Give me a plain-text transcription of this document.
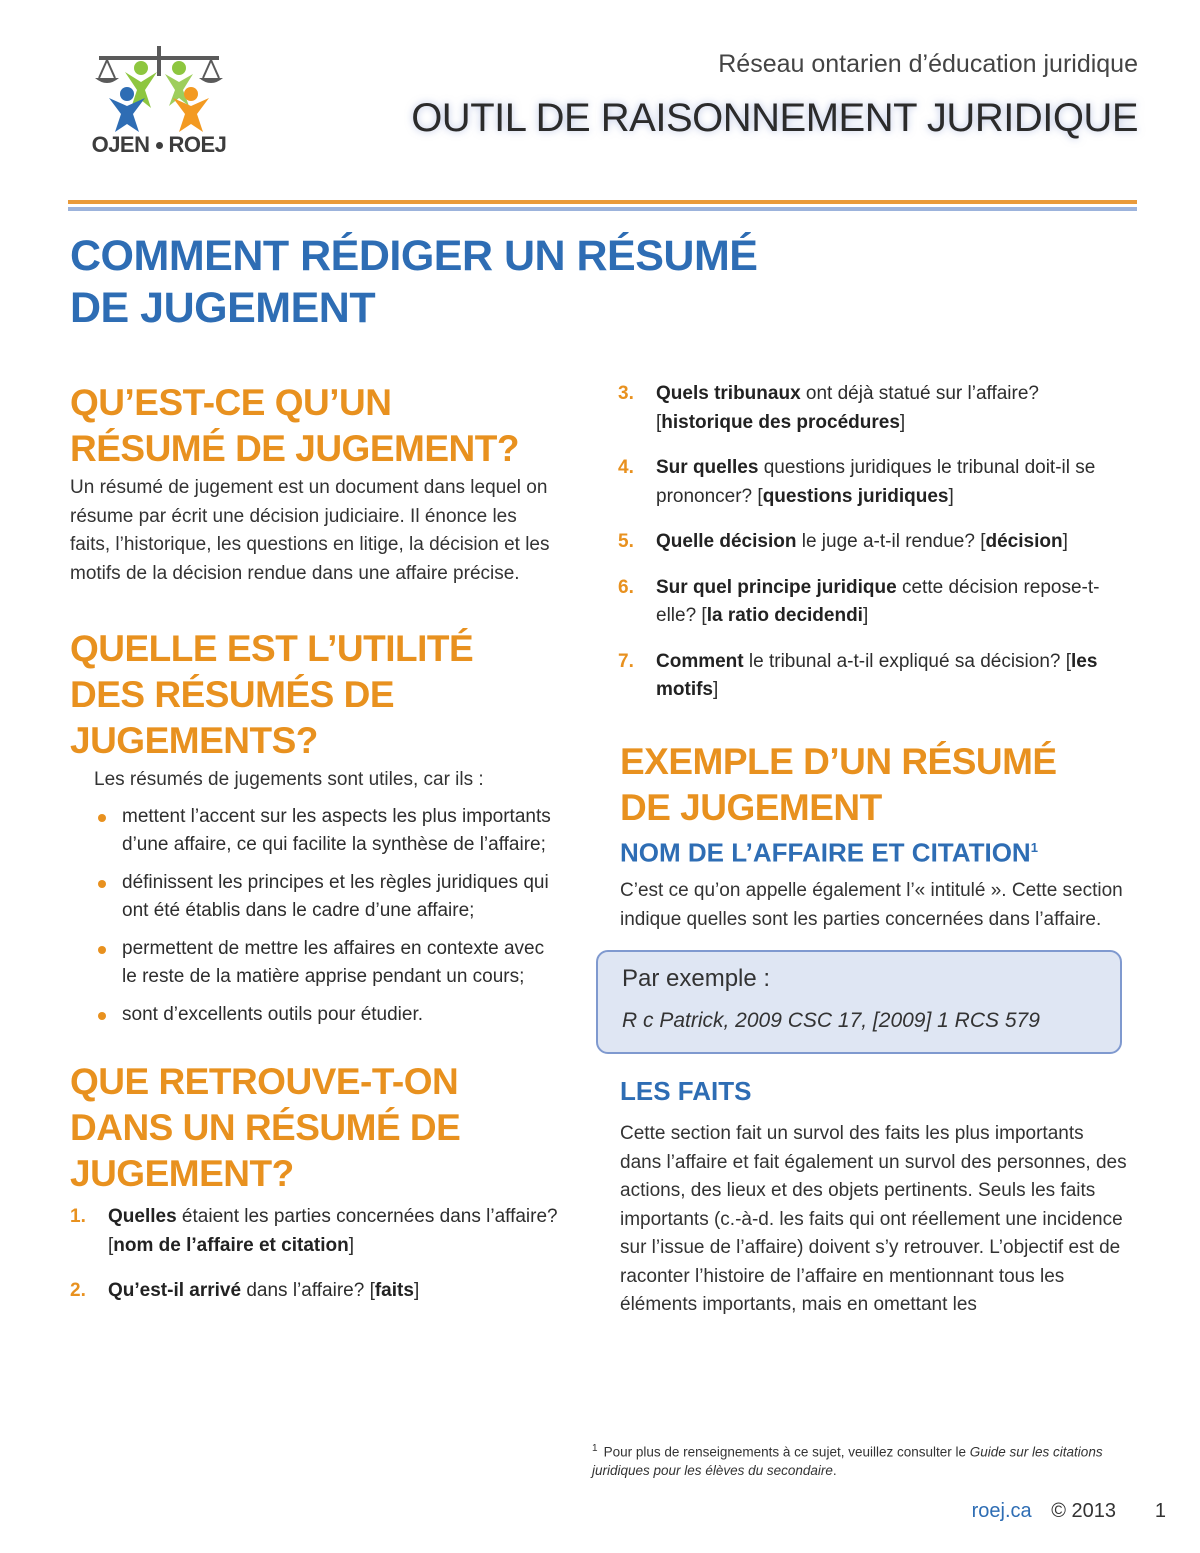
OJEN ROEJ
Réseau ontarien d’éducation juridique
OUTIL DE RAISONNEMENT JURIDIQUE
COMMENT RÉDIGER UN RÉSUMÉ
DE JUGEMENT
QU’EST-CE QU’UN
RÉSUMÉ DE JUGEMENT?

Un résumé de jugement est un document dans lequel on résume par écrit une décision judiciaire. Il énonce les faits, l’historique, les questions en litige, la décision et les motifs de la décision rendue dans une affaire précise.

QUELLE EST L’UTILITÉ
DES RÉSUMÉS DE
JUGEMENTS?

Les résumés de jugements sont utiles, car ils :

mettent l’accent sur les aspects les plus importants d’une affaire, ce qui facilite la synthèse de l’affaire;
définissent les principes et les règles juridiques qui ont été établis dans le cadre d’une affaire;
permettent de mettre les affaires en contexte avec le reste de la matière apprise pendant un cours;
sont d’excellents outils pour étudier.
QUE RETROUVE-T-ON
DANS UN RÉSUMÉ DE
JUGEMENT?
1. Quelles étaient les parties concernées dans l’affaire? [nom de l’affaire et citation]
2. Qu’est-il arrivé dans l’affaire? [faits]
3. Quels tribunaux ont déjà statué sur l’affaire? [historique des procédures]
4. Sur quelles questions juridiques le tribunal doit-il se prononcer? [questions juridiques]
5. Quelle décision le juge a-t-il rendue? [décision]
6. Sur quel principe juridique cette décision repose-t-elle? [la ratio decidendi]
7. Comment le tribunal a-t-il expliqué sa décision? [les motifs]
EXEMPLE D’UN RÉSUMÉ
DE JUGEMENT
NOM DE L’AFFAIRE ET CITATION$^1$

C’est ce qu’on appelle également l’« intitulé ». Cette section indique quelles sont les parties concernées dans l’affaire.

Par exemple :
R c Patrick, 2009 CSC 17, [2009] 1 RCS 579
LES FAITS

Cette section fait un survol des faits les plus importants dans l’affaire et fait également un survol des personnes, des actions, des lieux et des objets pertinents. Seuls les faits importants (c.-à-d. les faits qui ont réellement une incidence sur l’issue de l’affaire) doivent s’y retrouver. L’objectif est de raconter l’histoire de l’affaire en mentionnant tous les éléments importants, mais en omettant les

$^1$ Pour plus de renseignements à ce sujet, veuillez consulter le Guide sur les citations juridiques pour les élèves du secondaire.
roej.ca © 2013 1
